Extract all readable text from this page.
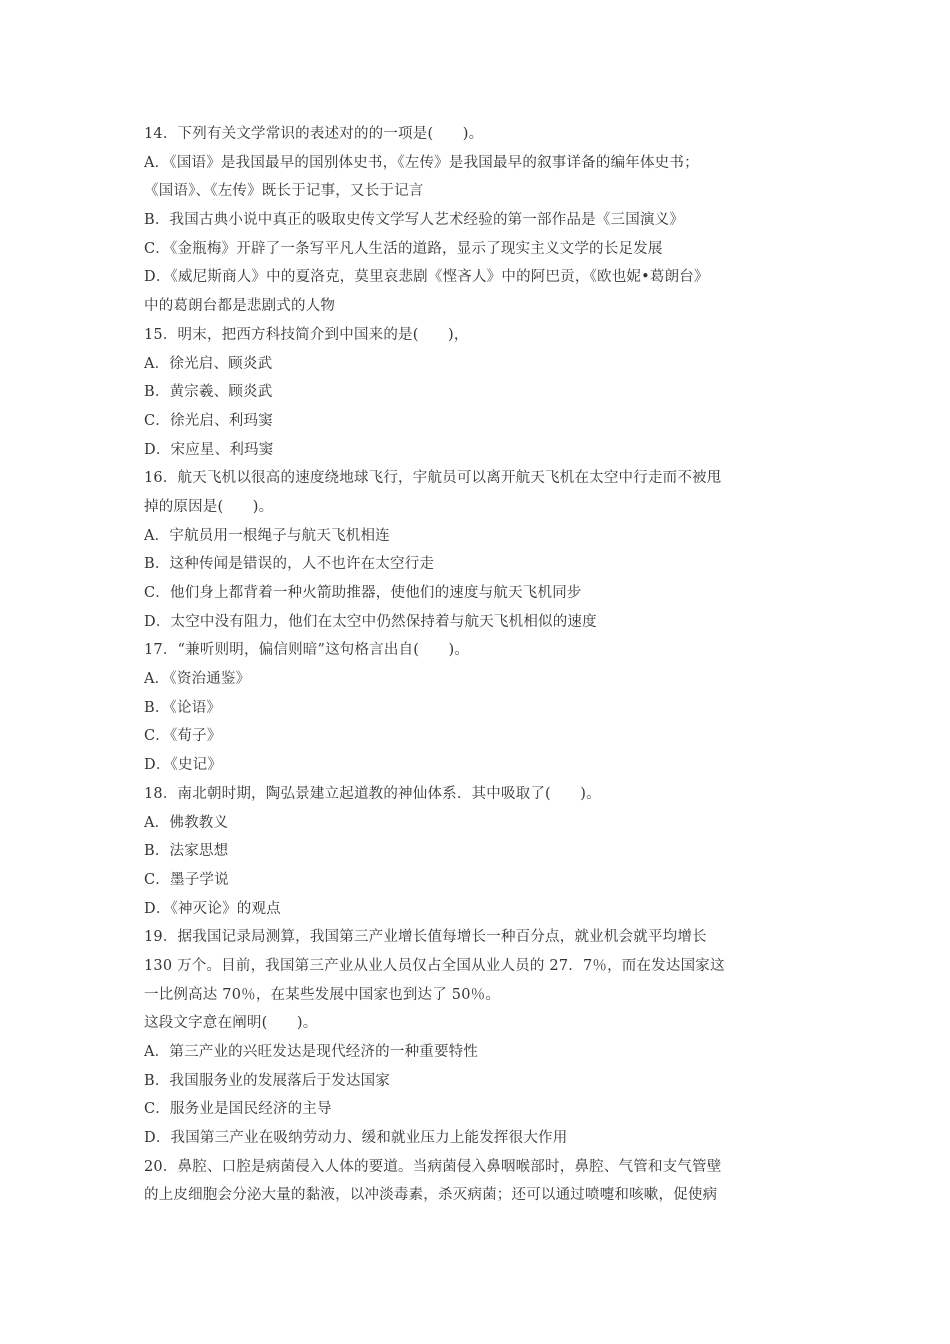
14．下列有关文学常识的表述对的的一项是(　　)。
A．《国语》是我国最早的国别体史书，《左传》是我国最早的叙事详备的编年体史书；
《国语》、《左传》既长于记事，又长于记言
B．我国古典小说中真正的吸取史传文学写人艺术经验的第一部作品是《三国演义》
C．《金瓶梅》开辟了一条写平凡人生活的道路，显示了现实主义文学的长足发展
D．《威尼斯商人》中的夏洛克，莫里哀悲剧《悭吝人》中的阿巴贡，《欧也妮•葛朗台》
中的葛朗台都是悲剧式的人物
15．明末，把西方科技简介到中国来的是(　　)，
A．徐光启、顾炎武
B．黄宗羲、顾炎武
C．徐光启、利玛窦
D．宋应星、利玛窦
16．航天飞机以很高的速度绕地球飞行，宇航员可以离开航天飞机在太空中行走而不被甩
掉的原因是(　　)。
A．宇航员用一根绳子与航天飞机相连
B．这种传闻是错误的，人不也许在太空行走
C．他们身上都背着一种火箭助推器，使他们的速度与航天飞机同步
D．太空中没有阻力，他们在太空中仍然保持着与航天飞机相似的速度
17．“兼听则明，偏信则暗”这句格言出自(　　)。
A．《资治通鉴》
B．《论语》
C．《荀子》
D．《史记》
18．南北朝时期，陶弘景建立起道教的神仙体系．其中吸取了(　　)。
A．佛教教义
B．法家思想
C．墨子学说
D．《神灭论》的观点
19．据我国记录局测算，我国第三产业增长值每增长一种百分点，就业机会就平均增长
130 万个。目前，我国第三产业从业人员仅占全国从业人员的 27．7％，而在发达国家这
一比例高达 70％，在某些发展中国家也到达了 50％。
这段文字意在阐明(　　)。
A．第三产业的兴旺发达是现代经济的一种重要特性
B．我国服务业的发展落后于发达国家
C．服务业是国民经济的主导
D．我国第三产业在吸纳劳动力、缓和就业压力上能发挥很大作用
20．鼻腔、口腔是病菌侵入人体的要道。当病菌侵入鼻咽喉部时，鼻腔、气管和支气管壁
的上皮细胞会分泌大量的黏液，以冲淡毒素，杀灭病菌；还可以通过喷嚏和咳嗽，促使病
